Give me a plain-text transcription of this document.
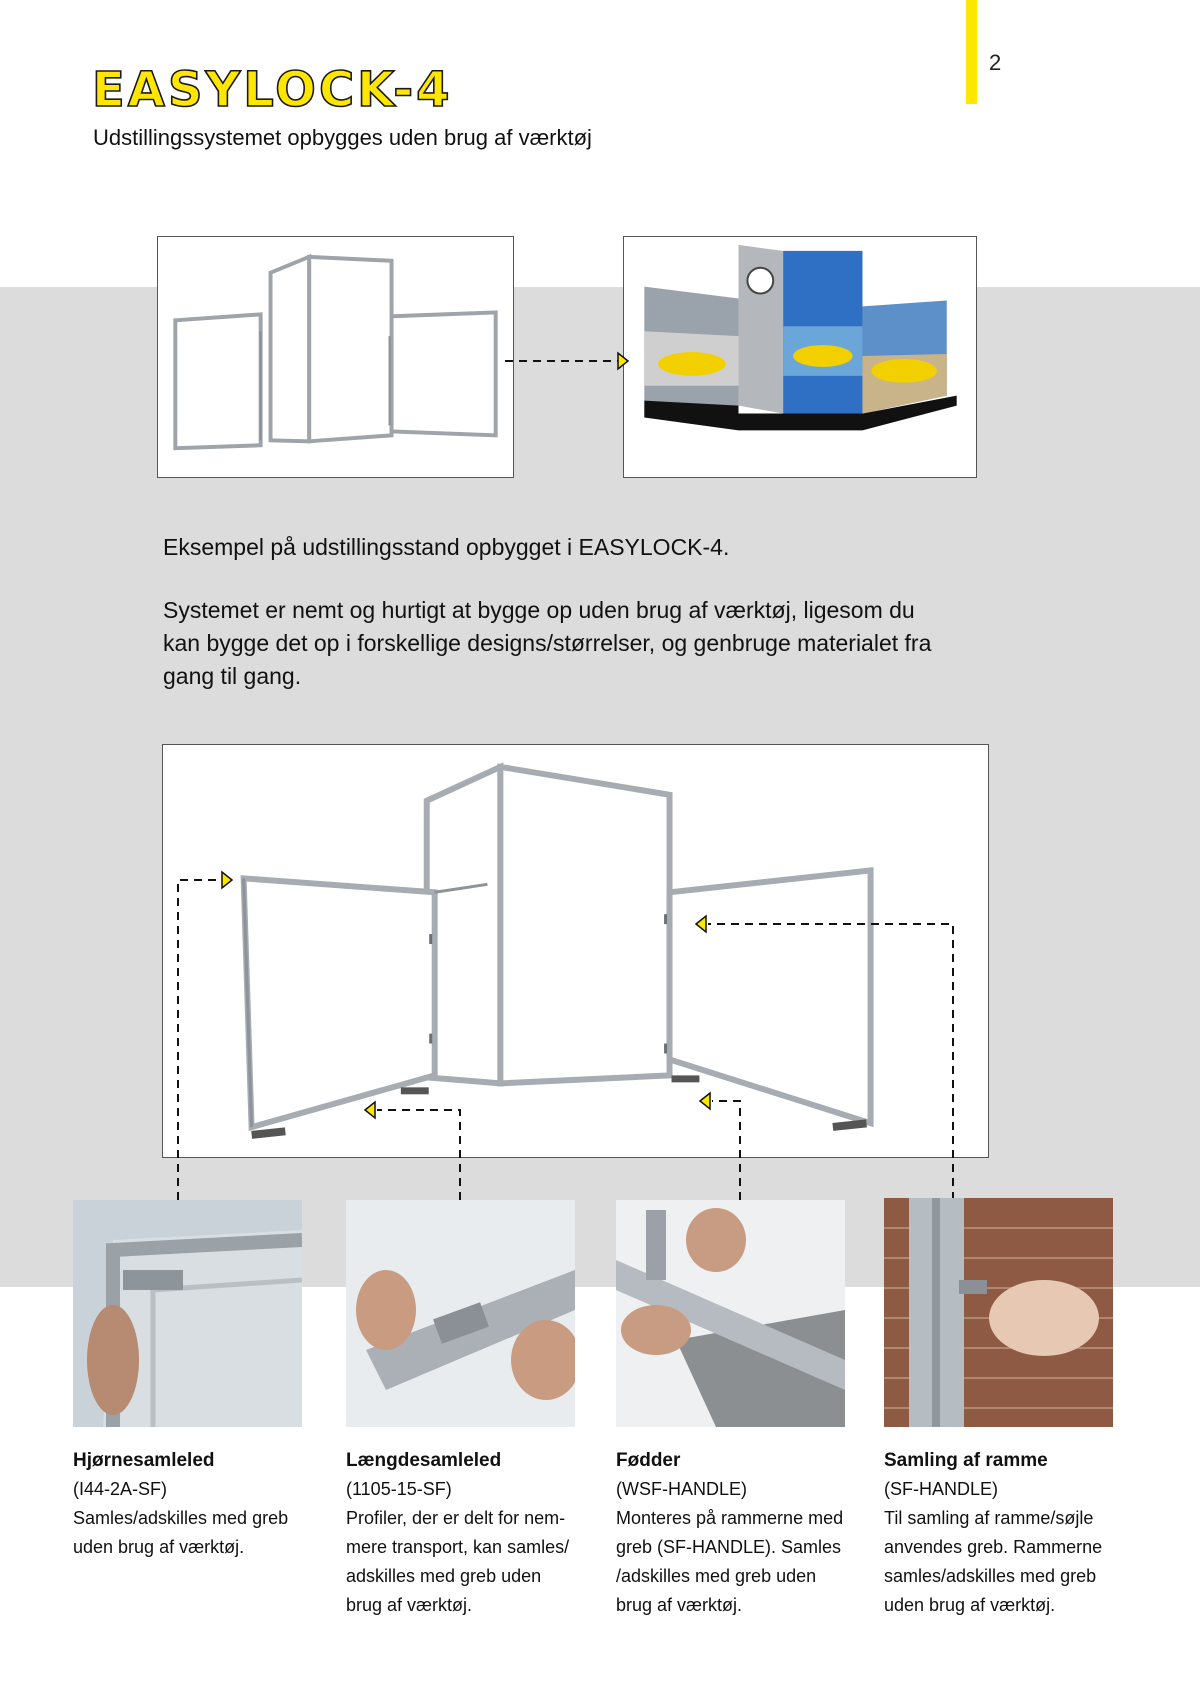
2
EASYLOCK-4
Udstillingssystemet opbygges uden brug af værktøj
Eksempel på udstillingsstand opbygget i EASYLOCK-4.
Systemet er nemt og hurtigt at bygge op uden brug af værktøj, ligesom du
kan bygge det op i forskellige designs/størrelser, og genbruge materialet fra
gang til gang.
Hjørnesamleled
(I44-2A-SF)
Samles/adskilles med greb
uden brug af værktøj.
Længdesamleled
(1105-15-SF)
Profiler, der er delt for nem-
mere transport, kan samles/
adskilles med greb uden
brug af værktøj.
Fødder
(WSF-HANDLE)
Monteres på rammerne med
greb (SF-HANDLE). Samles
/adskilles med greb uden
brug af værktøj.
Samling af ramme
(SF-HANDLE)
Til samling af ramme/søjle
anvendes greb. Rammerne
samles/adskilles med greb
uden brug af værktøj.
